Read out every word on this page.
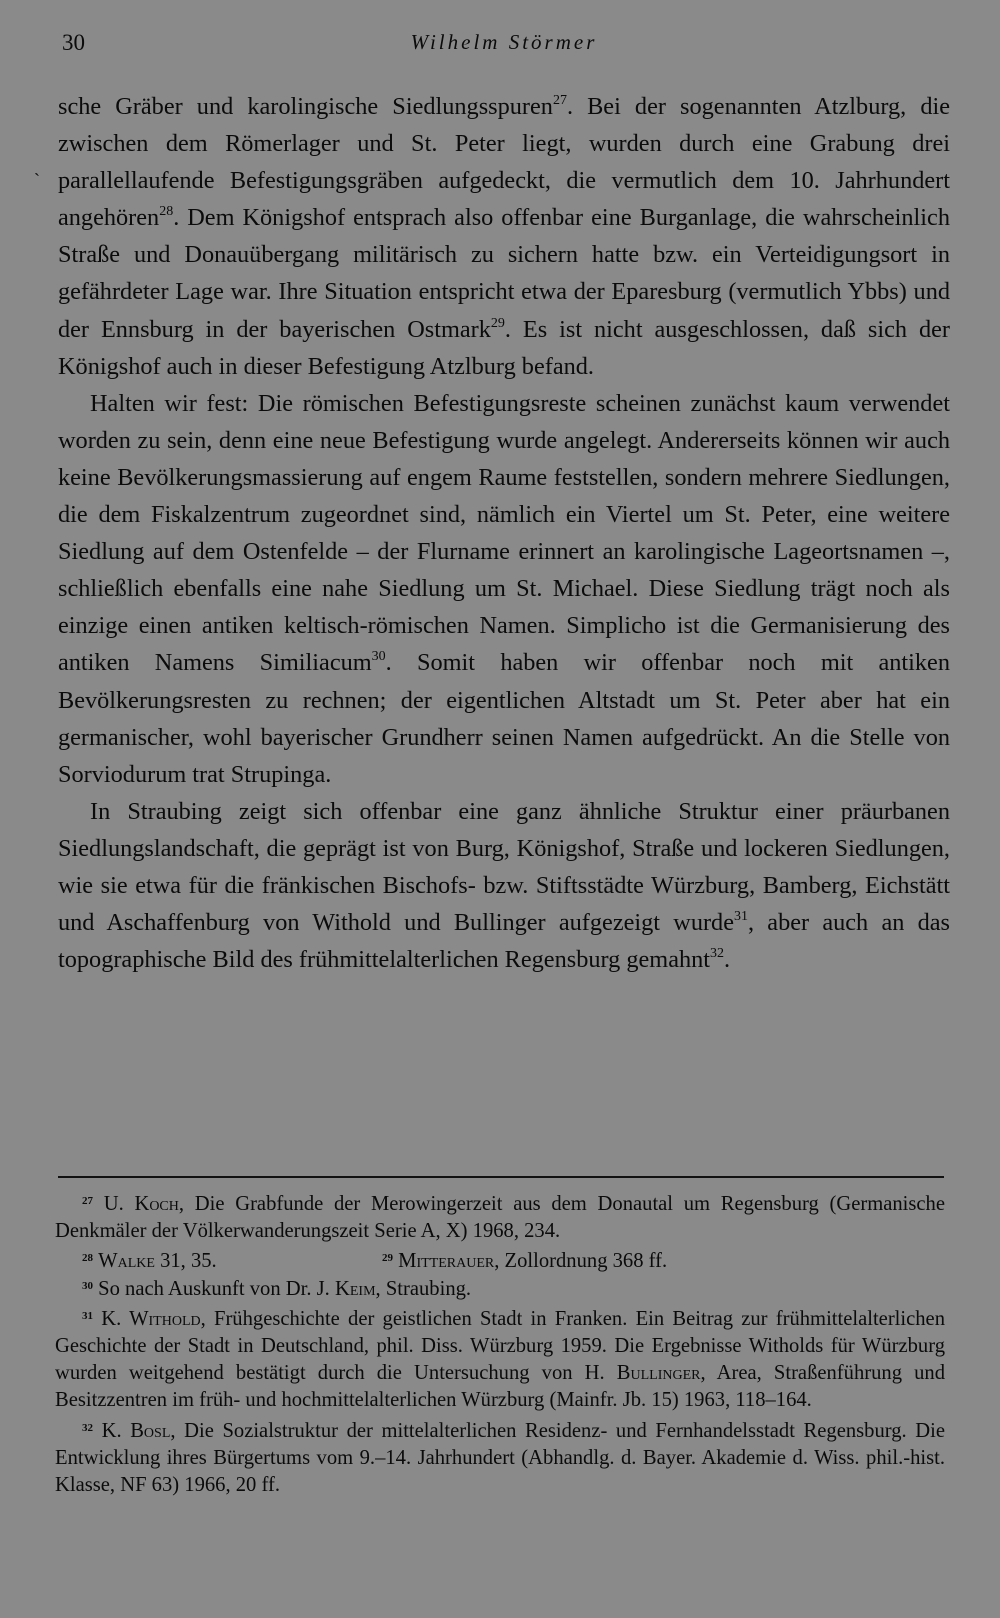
30	Wilhelm Störmer
ˋ

sche Gräber und karolingische Siedlungsspuren$^{27}$. Bei der sogenannten Atzlburg, die zwischen dem Römerlager und St. Peter liegt, wurden durch eine Grabung drei parallellaufende Befestigungsgräben aufgedeckt, die vermutlich dem 10. Jahrhundert angehören$^{28}$. Dem Königshof entsprach also offenbar eine Burganlage, die wahrscheinlich Straße und Donauübergang militärisch zu sichern hatte bzw. ein Verteidigungsort in gefährdeter Lage war. Ihre Situation entspricht etwa der Eparesburg (vermutlich Ybbs) und der Ennsburg in der bayerischen Ostmark$^{29}$. Es ist nicht ausgeschlossen, daß sich der Königshof auch in dieser Befestigung Atzlburg befand.

Halten wir fest: Die römischen Befestigungsreste scheinen zunächst kaum verwendet worden zu sein, denn eine neue Befestigung wurde angelegt. Andererseits können wir auch keine Bevölkerungsmassierung auf engem Raume feststellen, sondern mehrere Siedlungen, die dem Fiskalzentrum zugeordnet sind, nämlich ein Viertel um St. Peter, eine weitere Siedlung auf dem Ostenfelde – der Flurname erinnert an karolingische Lageortsnamen –, schließlich ebenfalls eine nahe Siedlung um St. Michael. Diese Siedlung trägt noch als einzige einen antiken keltisch-römischen Namen. Simplicho ist die Germanisierung des antiken Namens Similiacum$^{30}$. Somit haben wir offenbar noch mit antiken Bevölkerungsresten zu rechnen; der eigentlichen Altstadt um St. Peter aber hat ein germanischer, wohl bayerischer Grundherr seinen Namen aufgedrückt. An die Stelle von Sorviodurum trat Strupinga.

In Straubing zeigt sich offenbar eine ganz ähnliche Struktur einer präurbanen Siedlungslandschaft, die geprägt ist von Burg, Königshof, Straße und lockeren Siedlungen, wie sie etwa für die fränkischen Bischofs- bzw. Stiftsstädte Würzburg, Bamberg, Eichstätt und Aschaffenburg von Withold und Bullinger aufgezeigt wurde$^{31}$, aber auch an das topographische Bild des frühmittelalterlichen Regensburg gemahnt$^{32}$.

$^{27}$ U. Koch, Die Grabfunde der Merowingerzeit aus dem Donautal um Regensburg (Germanische Denkmäler der Völkerwanderungszeit Serie A, X) 1968, 234.

$^{28}$ Walke 31, 35.	$^{29}$ Mitterauer, Zollordnung 368 ff.

$^{30}$ So nach Auskunft von Dr. J. Keim, Straubing.

$^{31}$ K. Withold, Frühgeschichte der geistlichen Stadt in Franken. Ein Beitrag zur frühmittelalterlichen Geschichte der Stadt in Deutschland, phil. Diss. Würzburg 1959. Die Ergebnisse Witholds für Würzburg wurden weitgehend bestätigt durch die Untersuchung von H. Bullinger, Area, Straßenführung und Besitzzentren im früh- und hochmittelalterlichen Würzburg (Mainfr. Jb. 15) 1963, 118–164.

$^{32}$ K. Bosl, Die Sozialstruktur der mittelalterlichen Residenz- und Fernhandelsstadt Regensburg. Die Entwicklung ihres Bürgertums vom 9.–14. Jahrhundert (Abhandlg. d. Bayer. Akademie d. Wiss. phil.-hist. Klasse, NF 63) 1966, 20 ff.
